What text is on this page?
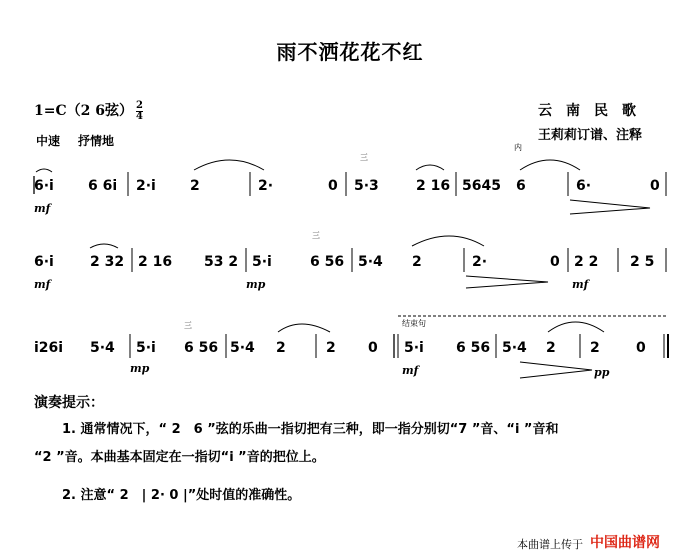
雨不洒花花不红
1=C（2 6弦） $\frac{2}{4}$
中速 抒情地
云南民歌
王莉莉订谱、注释
6·i 6 6i 2·i 2	2·	0 5·3	2 16 5645 6	6·	0
三
内
mf
6·i	2 32 2 16 53 2 5·i	6 56 5·4 2	2·	0 2 2 2 5
三
mf	mp	mf
i26i 5·4 5·i 6 56 5·4 2	2 0
结束句
5·i 6 56 5·4 2 2	0
三
mp	mf	pp
演奏提示：
1. 通常情况下，“ 2　6 ”弦的乐曲一指切把有三种，即一指分别切“7 ”音、“i ”音和
“2 ”音。本曲基本固定在一指切“i ”音的把位上。
2. 注意“ 2　| 2· 0 |”处时值的准确性。
本曲谱上传于 中国曲谱网
